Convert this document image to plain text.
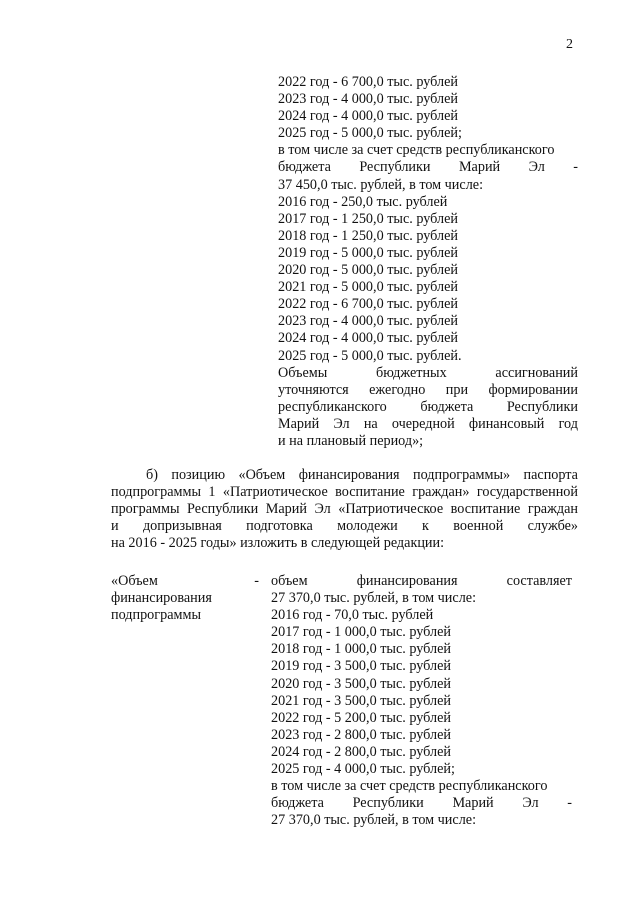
2
2022 год - 6 700,0 тыс. рублей
2023 год - 4 000,0 тыс. рублей
2024 год - 4 000,0 тыс. рублей
2025 год - 5 000,0 тыс. рублей;
в том числе за счет средств республиканского
бюджета Республики Марий Эл -
37 450,0 тыс. рублей, в том числе:
2016 год - 250,0 тыс. рублей
2017 год - 1 250,0 тыс. рублей
2018 год - 1 250,0 тыс. рублей
2019 год - 5 000,0 тыс. рублей
2020 год - 5 000,0 тыс. рублей
2021 год - 5 000,0 тыс. рублей
2022 год - 6 700,0 тыс. рублей
2023 год - 4 000,0 тыс. рублей
2024 год - 4 000,0 тыс. рублей
2025 год - 5 000,0 тыс. рублей.
Объемы	бюджетных	ассигнований
уточняются ежегодно при формировании
республиканского бюджета Республики
Марий Эл на очередной финансовый год
и на плановый период»;
б) позицию «Объем финансирования подпрограммы» паспорта
подпрограммы 1 «Патриотическое воспитание граждан» государственной
программы Республики Марий Эл «Патриотическое воспитание граждан
и допризывная подготовка молодежи к военной службе»
на 2016 - 2025 годы» изложить в следующей редакции:
«Объем	-
финансирования
подпрограммы
объем	финансирования	составляет
27 370,0 тыс. рублей, в том числе:
2016 год - 70,0 тыс. рублей
2017 год - 1 000,0 тыс. рублей
2018 год - 1 000,0 тыс. рублей
2019 год - 3 500,0 тыс. рублей
2020 год - 3 500,0 тыс. рублей
2021 год - 3 500,0 тыс. рублей
2022 год - 5 200,0 тыс. рублей
2023 год - 2 800,0 тыс. рублей
2024 год - 2 800,0 тыс. рублей
2025 год - 4 000,0 тыс. рублей;
в том числе за счет средств республиканского
бюджета Республики Марий Эл -
27 370,0 тыс. рублей, в том числе:
